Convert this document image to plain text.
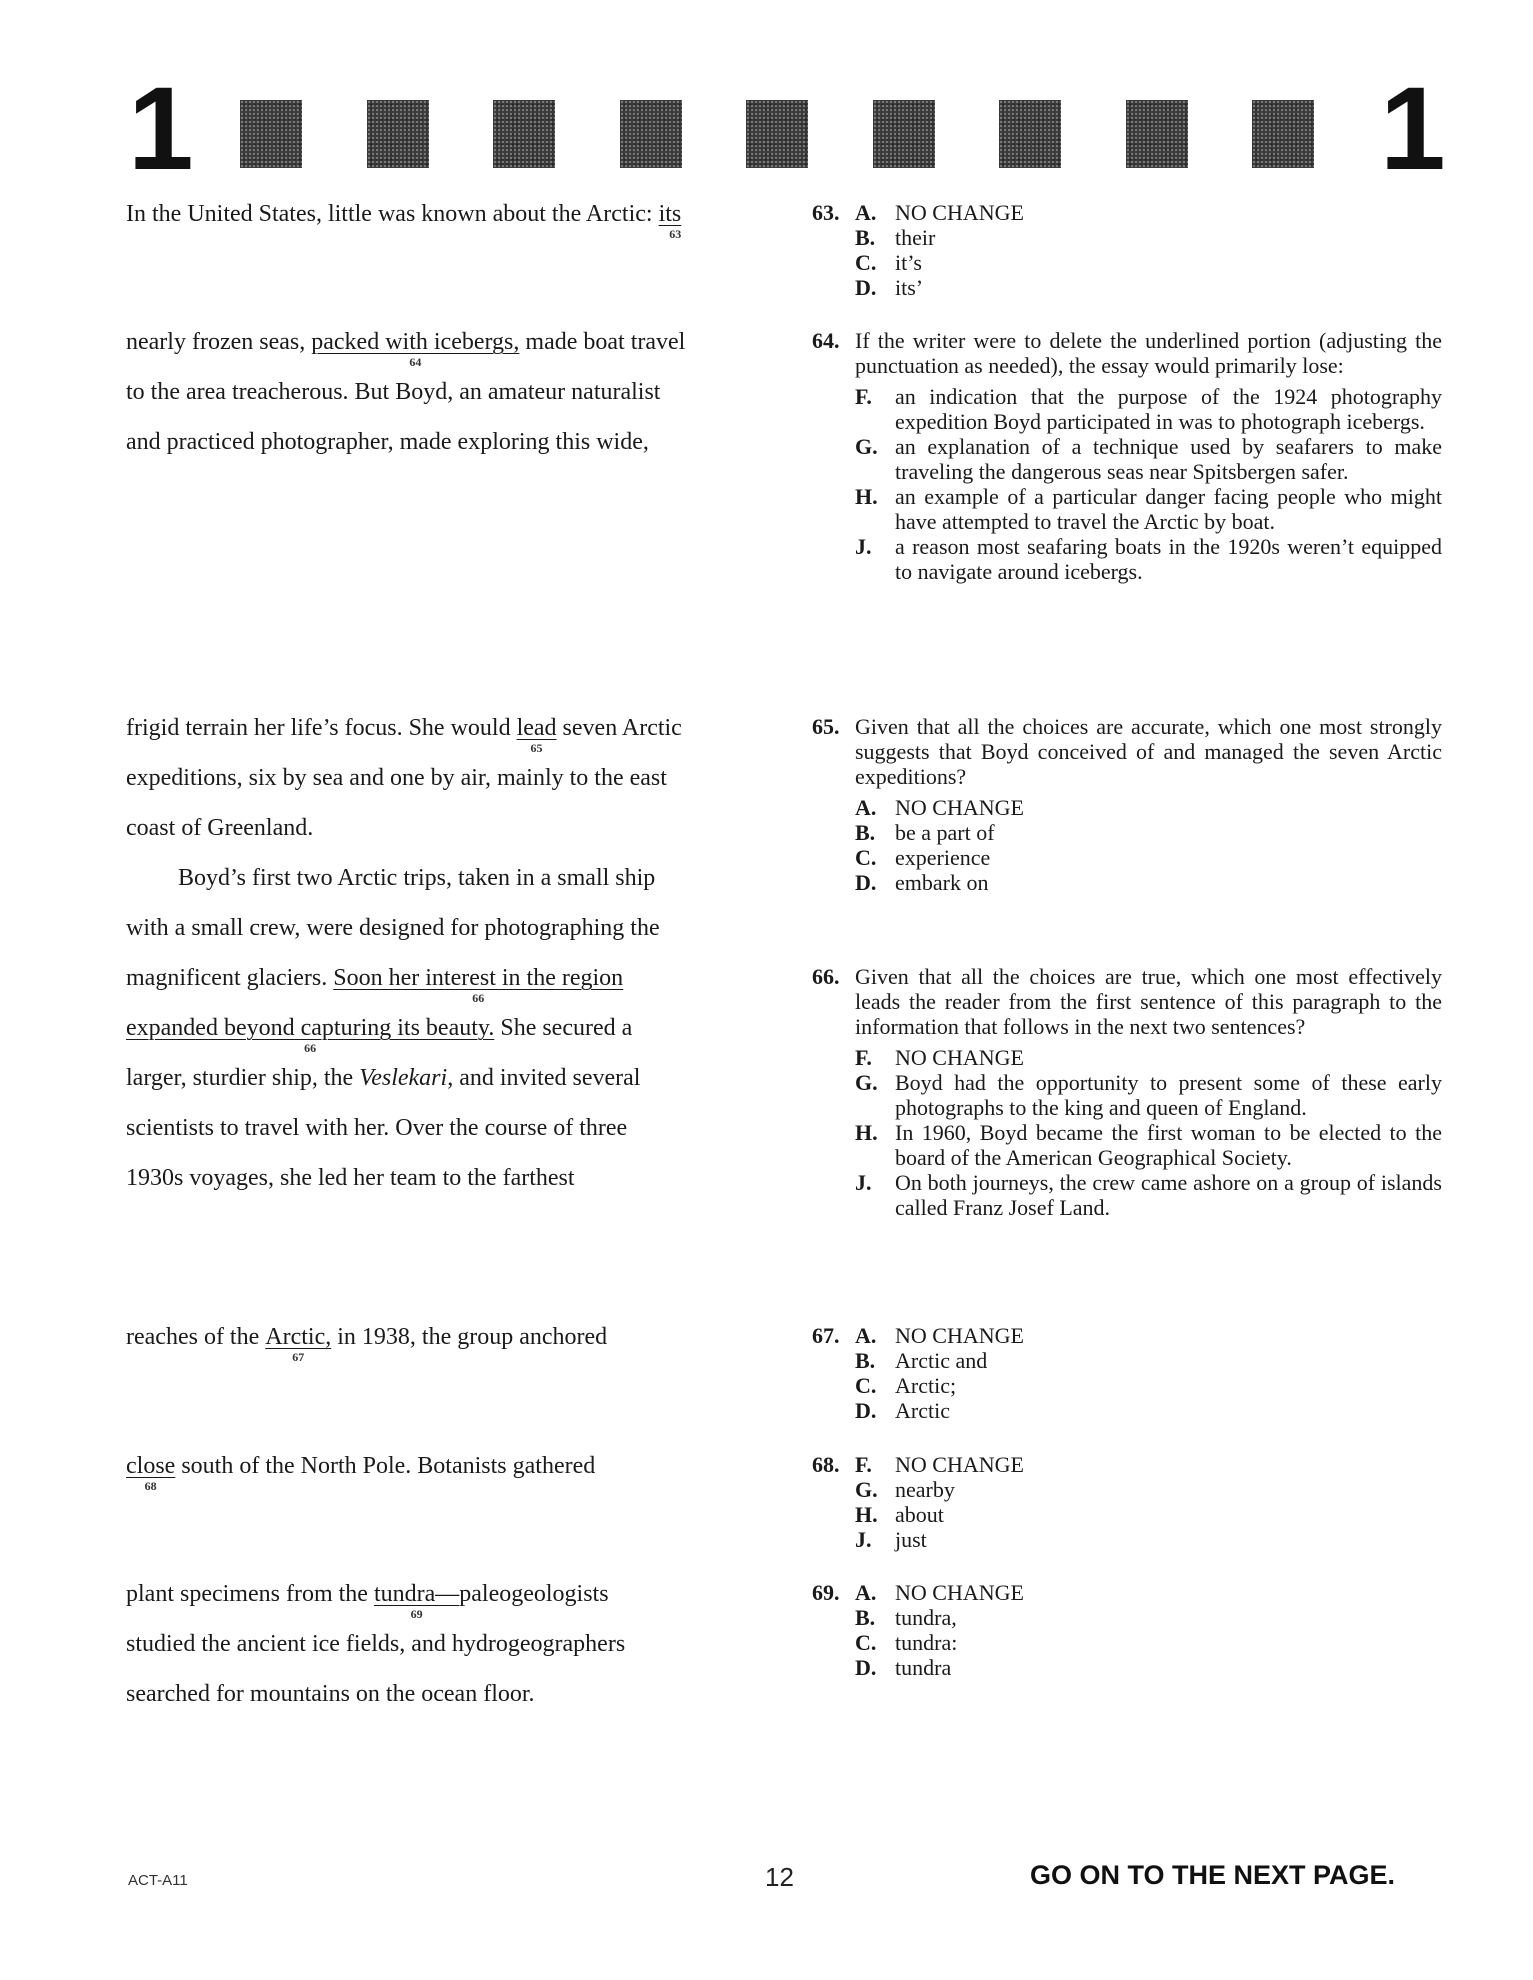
1	1
In the United States, little was known about the Arctic: its
63
nearly frozen seas, packed with icebergs,
64
made boat travel
to the area treacherous. But Boyd, an amateur naturalist
and practiced photographer, made exploring this wide,
frigid terrain her life’s focus. She would lead
65
seven Arctic
expeditions, six by sea and one by air, mainly to the east
coast of Greenland.
Boyd’s first two Arctic trips, taken in a small ship
with a small crew, were designed for photographing the
magnificent glaciers. Soon her interest in the region
66
expanded beyond capturing its beauty.
66
She secured a
larger, sturdier ship, the Veslekari, and invited several
scientists to travel with her. Over the course of three
1930s voyages, she led her team to the farthest
reaches of the Arctic,
67
in 1938, the group anchored
close
68
south of the North Pole. Botanists gathered
plant specimens from the tundra—
69
paleogeologists
studied the ancient ice fields, and hydrogeographers
searched for mountains on the ocean floor.
63. A. NO CHANGE
B. their
C. it’s
D. its’
64. If the writer were to delete the underlined portion (adjusting the punctuation as needed), the essay would primarily lose:
F.	an indication that the purpose of the 1924 photography expedition Boyd participated in was to photograph icebergs.
G. an explanation of a technique used by seafarers to make traveling the dangerous seas near Spitsbergen safer.
H. an example of a particular danger facing people who might have attempted to travel the Arctic by boat.
J.	a reason most seafaring boats in the 1920s weren’t equipped to navigate around icebergs.
65. Given that all the choices are accurate, which one most strongly suggests that Boyd conceived of and managed the seven Arctic expeditions?
A. NO CHANGE
B. be a part of
C. experience
D. embark on
66. Given that all the choices are true, which one most effectively leads the reader from the first sentence of this paragraph to the information that follows in the next two sentences?
F.	NO CHANGE
G. Boyd had the opportunity to present some of these early photographs to the king and queen of England.
H. In 1960, Boyd became the first woman to be elected to the board of the American Geographical Society.
J.	On both journeys, the crew came ashore on a group of islands called Franz Josef Land.
67. A. NO CHANGE
B. Arctic and
C. Arctic;
D. Arctic
68. F.	NO CHANGE
G. nearby
H. about
J.	just
69. A. NO CHANGE
B. tundra,
C. tundra:
D. tundra
ACT-A11	12	GO ON TO THE NEXT PAGE.
